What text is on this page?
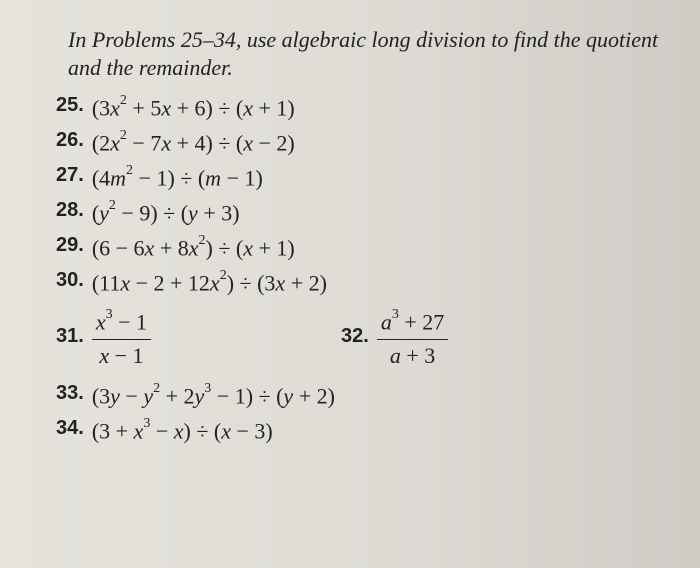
In Problems 25–34, use algebraic long division to find the quotient and the remainder.
25. $(3x^2 + 5x + 6) \div (x + 1)$
26. $(2x^2 - 7x + 4) \div (x - 2)$
27. $(4m^2 - 1) \div (m - 1)$
28. $(y^2 - 9) \div (y + 3)$
29. $(6 - 6x + 8x^2) \div (x + 1)$
30. $(11x - 2 + 12x^2) \div (3x + 2)$
31. $\frac{x^3 - 1}{x - 1}$	32. $\frac{a^3 + 27}{a + 3}$
33. $(3y - y^2 + 2y^3 - 1) \div (y + 2)$
34. $(3 + x^3 - x) \div (x - 3)$
